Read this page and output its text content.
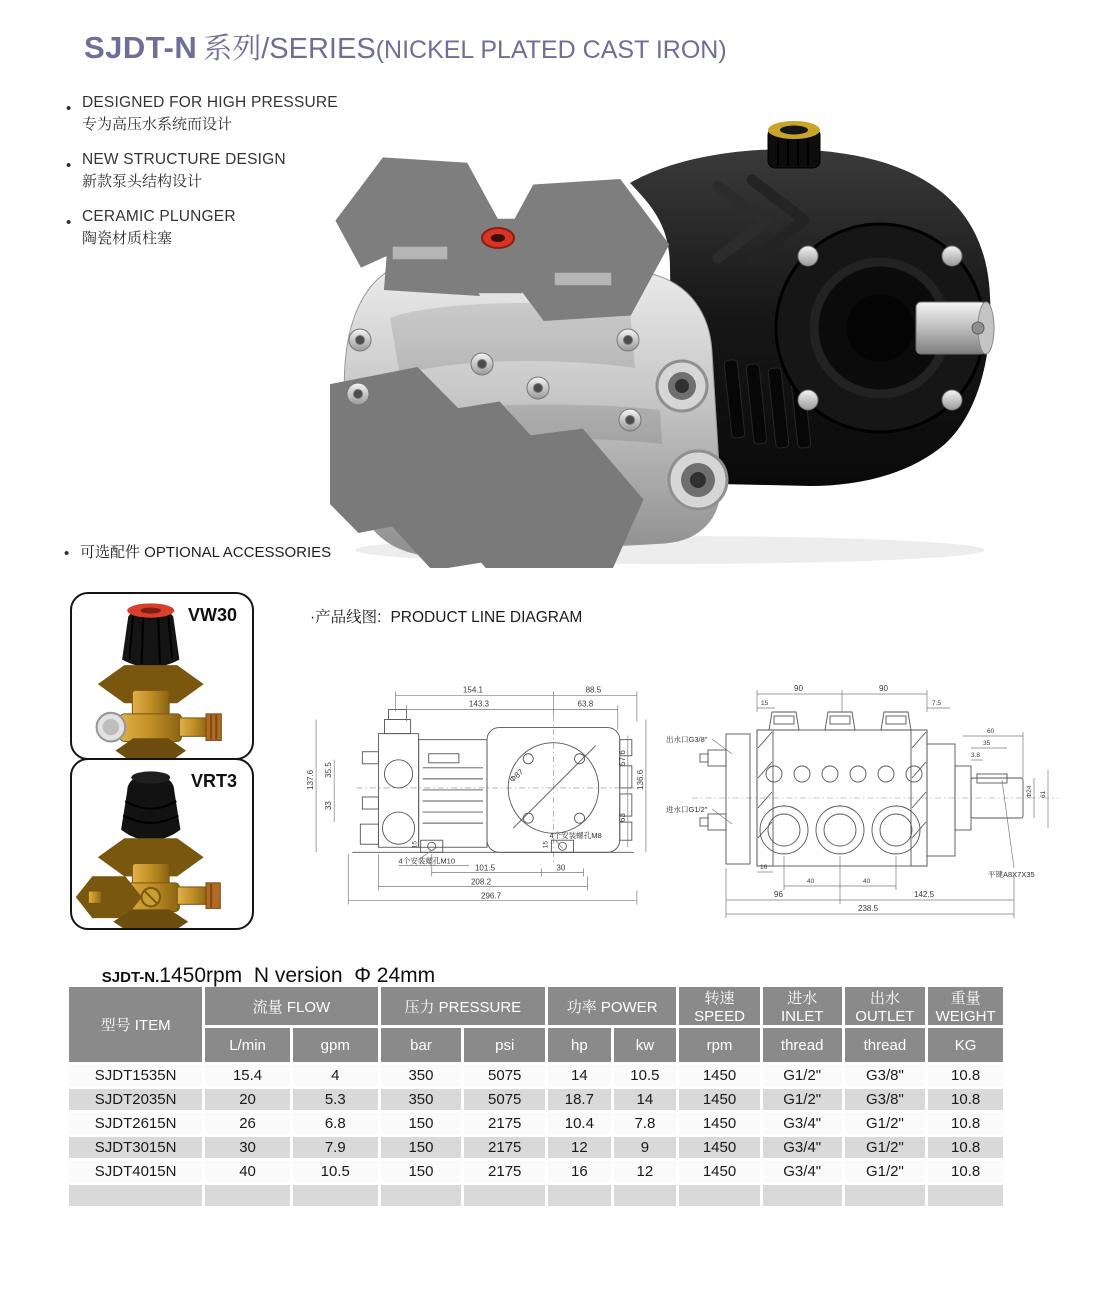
SJDT-N 系列/SERIES(NICKEL PLATED CAST IRON)
• DESIGNED FOR HIGH PRESSURE
专为高压水系统而设计
• NEW STRUCTURE DESIGN
新款泵头结构设计
• CERAMIC PLUNGER
陶瓷材质柱塞
• 可选配件 OPTIONAL ACCESSORIES
VW30
VRT3
·产品线图: PRODUCT LINE DIAGRAM
154.1	88.5
143.3	63.8
137.6 35.5
33
57.6
63
136.6
15	15
Φ87
4个安装螺孔M10
4个安装螺孔M8
101.5	30
208.2
296.7
90	90
15	7.5
出水口G3/8"
进水口G1/2"
60
35
3.8
Φ24 61
平键A8X7X35
16
40	40
96	142.5
238.5

SJDT-N.1450rpm  N version  Φ 24mm

型号 ITEM	流量 FLOW		压力 PRESSURE		功率 POWER		转速 SPEED	进水 INLET	出水 OUTLET	重量 WEIGHT
	L/min	gpm	bar	psi	hp	kw	rpm	thread	thread	KG
SJDT1535N	15.4	4	350	5075	14	10.5	1450	G1/2"	G3/8"	10.8
SJDT2035N	20	5.3	350	5075	18.7	14	1450	G1/2"	G3/8"	10.8
SJDT2615N	26	6.8	150	2175	10.4	7.8	1450	G3/4"	G1/2"	10.8
SJDT3015N	30	7.9	150	2175	12	9	1450	G3/4"	G1/2"	10.8
SJDT4015N	40	10.5	150	2175	16	12	1450	G3/4"	G1/2"	10.8
